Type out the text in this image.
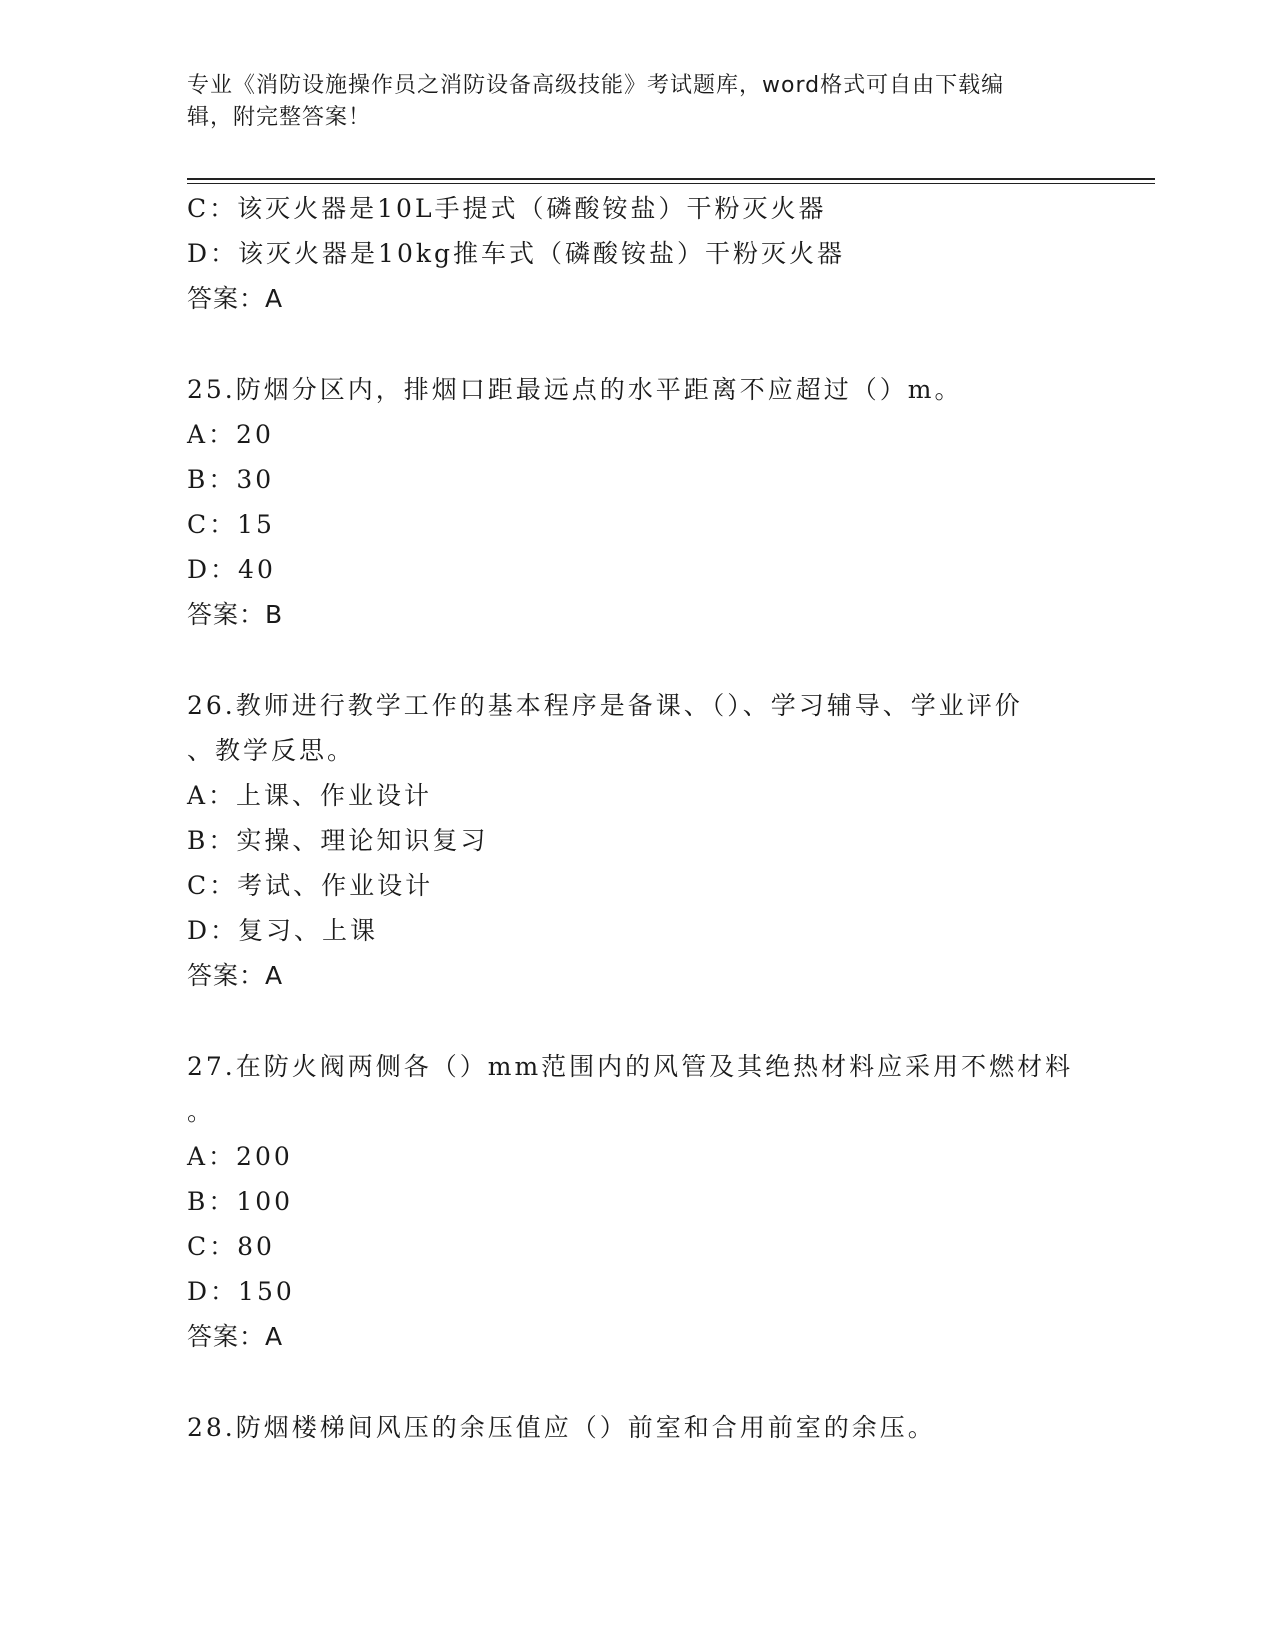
专业《消防设施操作员之消防设备高级技能》考试题库，word格式可自由下载编
辑，附完整答案！
C：该灭火器是10L手提式（磷酸铵盐）干粉灭火器
D：该灭火器是10kg推车式（磷酸铵盐）干粉灭火器
答案：A
25.防烟分区内，排烟口距最远点的水平距离不应超过（）m。
A：20
B：30
C：15
D：40
答案：B
26.教师进行教学工作的基本程序是备课、（）、学习辅导、学业评价
、教学反思。
A：上课、作业设计
B：实操、理论知识复习
C：考试、作业设计
D：复习、上课
答案：A
27.在防火阀两侧各（）mm范围内的风管及其绝热材料应采用不燃材料
。
A：200
B：100
C：80
D：150
答案：A
28.防烟楼梯间风压的余压值应（）前室和合用前室的余压。
